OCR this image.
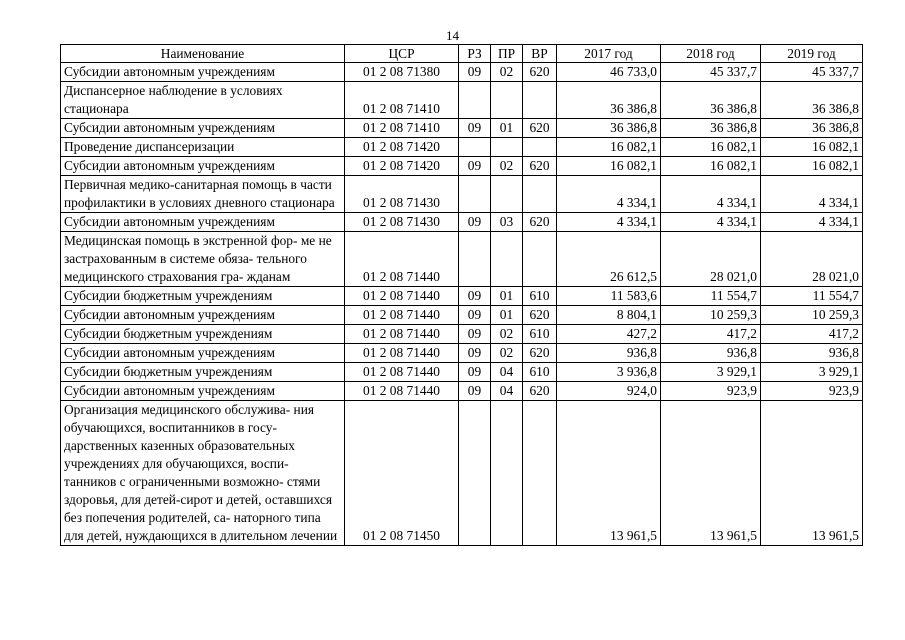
14
Наименование	ЦСР	РЗ	ПР	ВР	2017 год	2018 год	2019 год
Субсидии автономным учреждениям	01 2 08 71380	09	02	620	46 733,0	45 337,7	45 337,7
Диспансерное наблюдение в условиях стационара	01 2 08 71410				36 386,8	36 386,8	36 386,8
Субсидии автономным учреждениям	01 2 08 71410	09	01	620	36 386,8	36 386,8	36 386,8
Проведение диспансеризации	01 2 08 71420				16 082,1	16 082,1	16 082,1
Субсидии автономным учреждениям	01 2 08 71420	09	02	620	16 082,1	16 082,1	16 082,1
Первичная медико-санитарная помощь в части профилактики в условиях дневного стационара	01 2 08 71430				4 334,1	4 334,1	4 334,1
Субсидии автономным учреждениям	01 2 08 71430	09	03	620	4 334,1	4 334,1	4 334,1
Медицинская помощь в экстренной фор- ме не застрахованным в системе обяза- тельного медицинского страхования гра- жданам	01 2 08 71440				26 612,5	28 021,0	28 021,0
Субсидии бюджетным учреждениям	01 2 08 71440	09	01	610	11 583,6	11 554,7	11 554,7
Субсидии автономным учреждениям	01 2 08 71440	09	01	620	8 804,1	10 259,3	10 259,3
Субсидии бюджетным учреждениям	01 2 08 71440	09	02	610	427,2	417,2	417,2
Субсидии автономным учреждениям	01 2 08 71440	09	02	620	936,8	936,8	936,8
Субсидии бюджетным учреждениям	01 2 08 71440	09	04	610	3 936,8	3 929,1	3 929,1
Субсидии автономным учреждениям	01 2 08 71440	09	04	620	924,0	923,9	923,9
Организация медицинского обслужива- ния обучающихся, воспитанников в госу- дарственных казенных образовательных учреждениях для обучающихся, воспи- танников с ограниченными возможно- стями здоровья, для детей-сирот и детей, оставшихся без попечения родителей, са- наторного типа для детей, нуждающихся в длительном лечении	01 2 08 71450				13 961,5	13 961,5	13 961,5
